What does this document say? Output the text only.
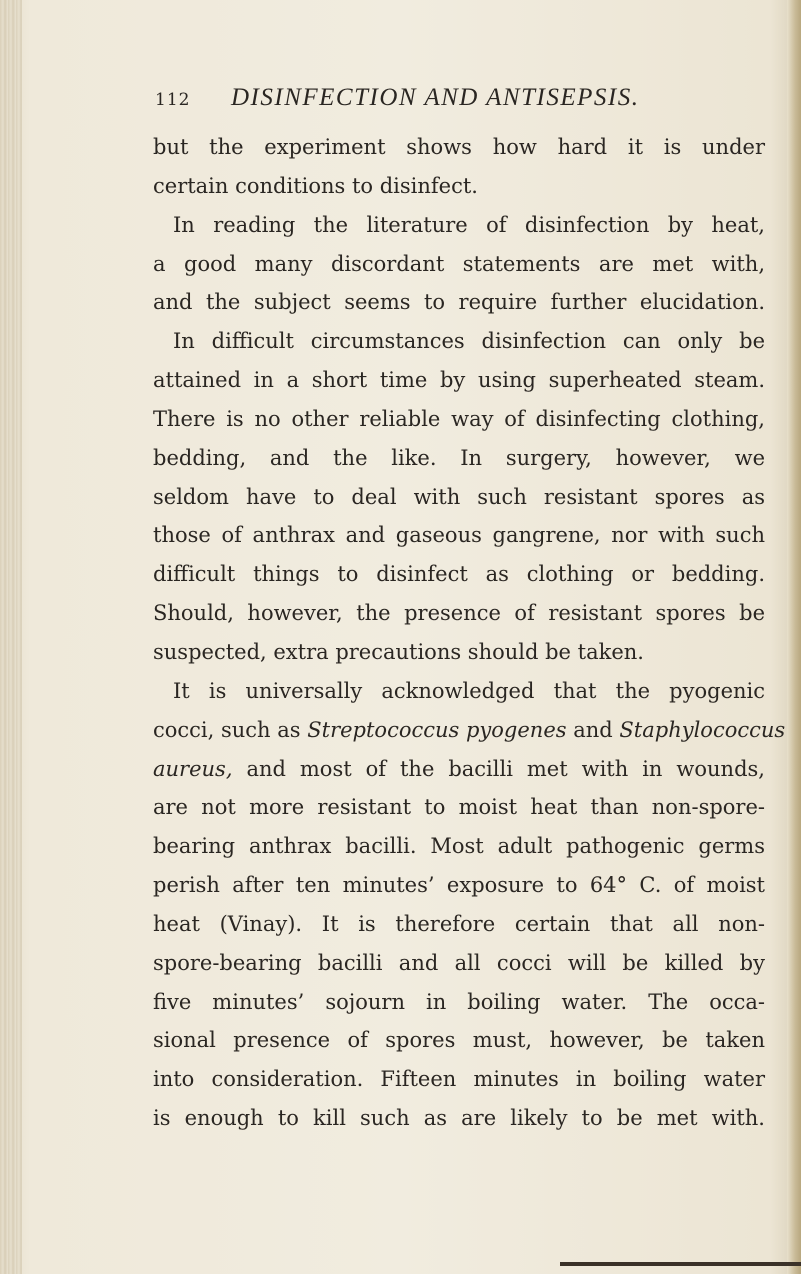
112 DISINFECTION AND ANTISEPSIS.
but the experiment shows how hard it is under
certain conditions to disinfect.
In reading the literature of disinfection by heat,
a good many discordant statements are met with,
and the subject seems to require further elucidation.
In difficult circumstances disinfection can only be
attained in a short time by using superheated steam.
There is no other reliable way of disinfecting clothing,
bedding, and the like. In surgery, however, we
seldom have to deal with such resistant spores as
those of anthrax and gaseous gangrene, nor with such
difficult things to disinfect as clothing or bedding.
Should, however, the presence of resistant spores be
suspected, extra precautions should be taken.
It is universally acknowledged that the pyogenic
cocci, such as Streptococcus pyogenes and Staphylococcus
aureus, and most of the bacilli met with in wounds,
are not more resistant to moist heat than non-spore-
bearing anthrax bacilli. Most adult pathogenic germs
perish after ten minutes’ exposure to 64° C. of moist
heat (Vinay). It is therefore certain that all non-
spore-bearing bacilli and all cocci will be killed by
five minutes’ sojourn in boiling water. The occa-
sional presence of spores must, however, be taken
into consideration. Fifteen minutes in boiling water
is enough to kill such as are likely to be met with.
